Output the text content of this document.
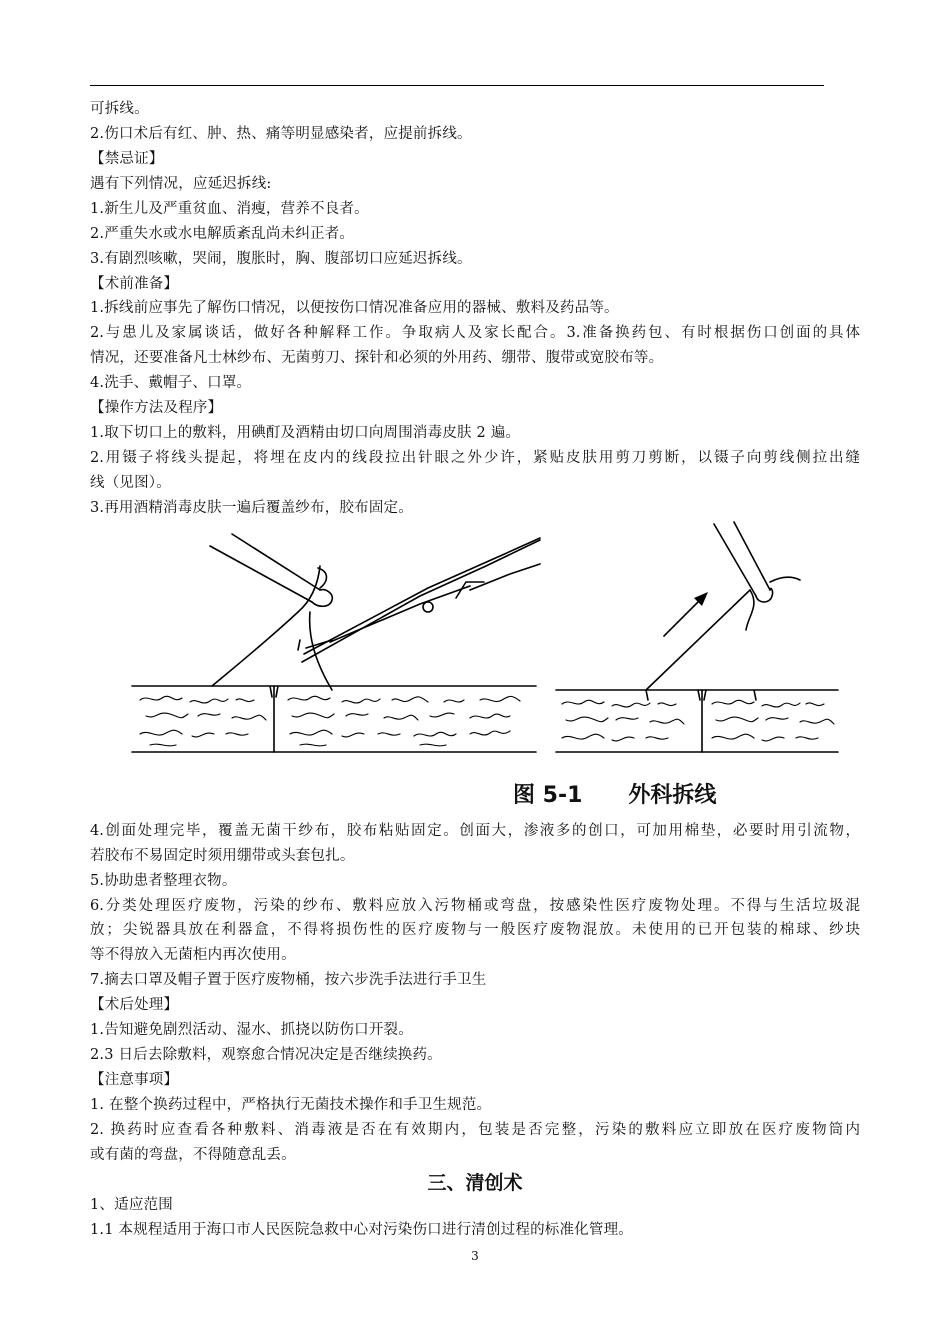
可拆线。
2.伤口术后有红、肿、热、痛等明显感染者，应提前拆线。
【禁忌证】
遇有下列情况，应延迟拆线:
1.新生儿及严重贫血、消瘦，营养不良者。
2.严重失水或水电解质紊乱尚未纠正者。
3.有剧烈咳嗽，哭闹，腹胀时，胸、腹部切口应延迟拆线。
【术前准备】
1.拆线前应事先了解伤口情况，以便按伤口情况准备应用的器械、敷料及药品等。
2.与患儿及家属谈话，做好各种解释工作。争取病人及家长配合。3.准备换药包、有时根据伤口创面的具体
情况，还要准备凡士林纱布、无菌剪刀、探针和必须的外用药、绷带、腹带或宽胶布等。
4.洗手、戴帽子、口罩。
【操作方法及程序】
1.取下切口上的敷料，用碘酊及酒精由切口向周围消毒皮肤 2 遍。
2.用镊子将线头提起，将埋在皮内的线段拉出针眼之外少许，紧贴皮肤用剪刀剪断，以镊子向剪线侧拉出缝
线（见图）。
3.再用酒精消毒皮肤一遍后覆盖纱布，胶布固定。
图 5-1 外科拆线
4.创面处理完毕，覆盖无菌干纱布，胶布粘贴固定。创面大，渗液多的创口，可加用棉垫，必要时用引流物，
若胶布不易固定时须用绷带或头套包扎。
5.协助患者整理衣物。
6.分类处理医疗废物，污染的纱布、敷料应放入污物桶或弯盘，按感染性医疗废物处理。不得与生活垃圾混
放；尖锐器具放在利器盒，不得将损伤性的医疗废物与一般医疗废物混放。未使用的已开包装的棉球、纱块
等不得放入无菌柜内再次使用。
7.摘去口罩及帽子置于医疗废物桶，按六步洗手法进行手卫生
【术后处理】
1.告知避免剧烈活动、湿水、抓挠以防伤口开裂。
2.3 日后去除敷料，观察愈合情况决定是否继续换药。
【注意事项】
1. 在整个换药过程中，严格执行无菌技术操作和手卫生规范。
2. 换药时应查看各种敷料、消毒液是否在有效期内，包装是否完整，污染的敷料应立即放在医疗废物筒内
或有菌的弯盘，不得随意乱丢。
三、清创术
1、适应范围
1.1 本规程适用于海口市人民医院急救中心对污染伤口进行清创过程的标准化管理。
3
